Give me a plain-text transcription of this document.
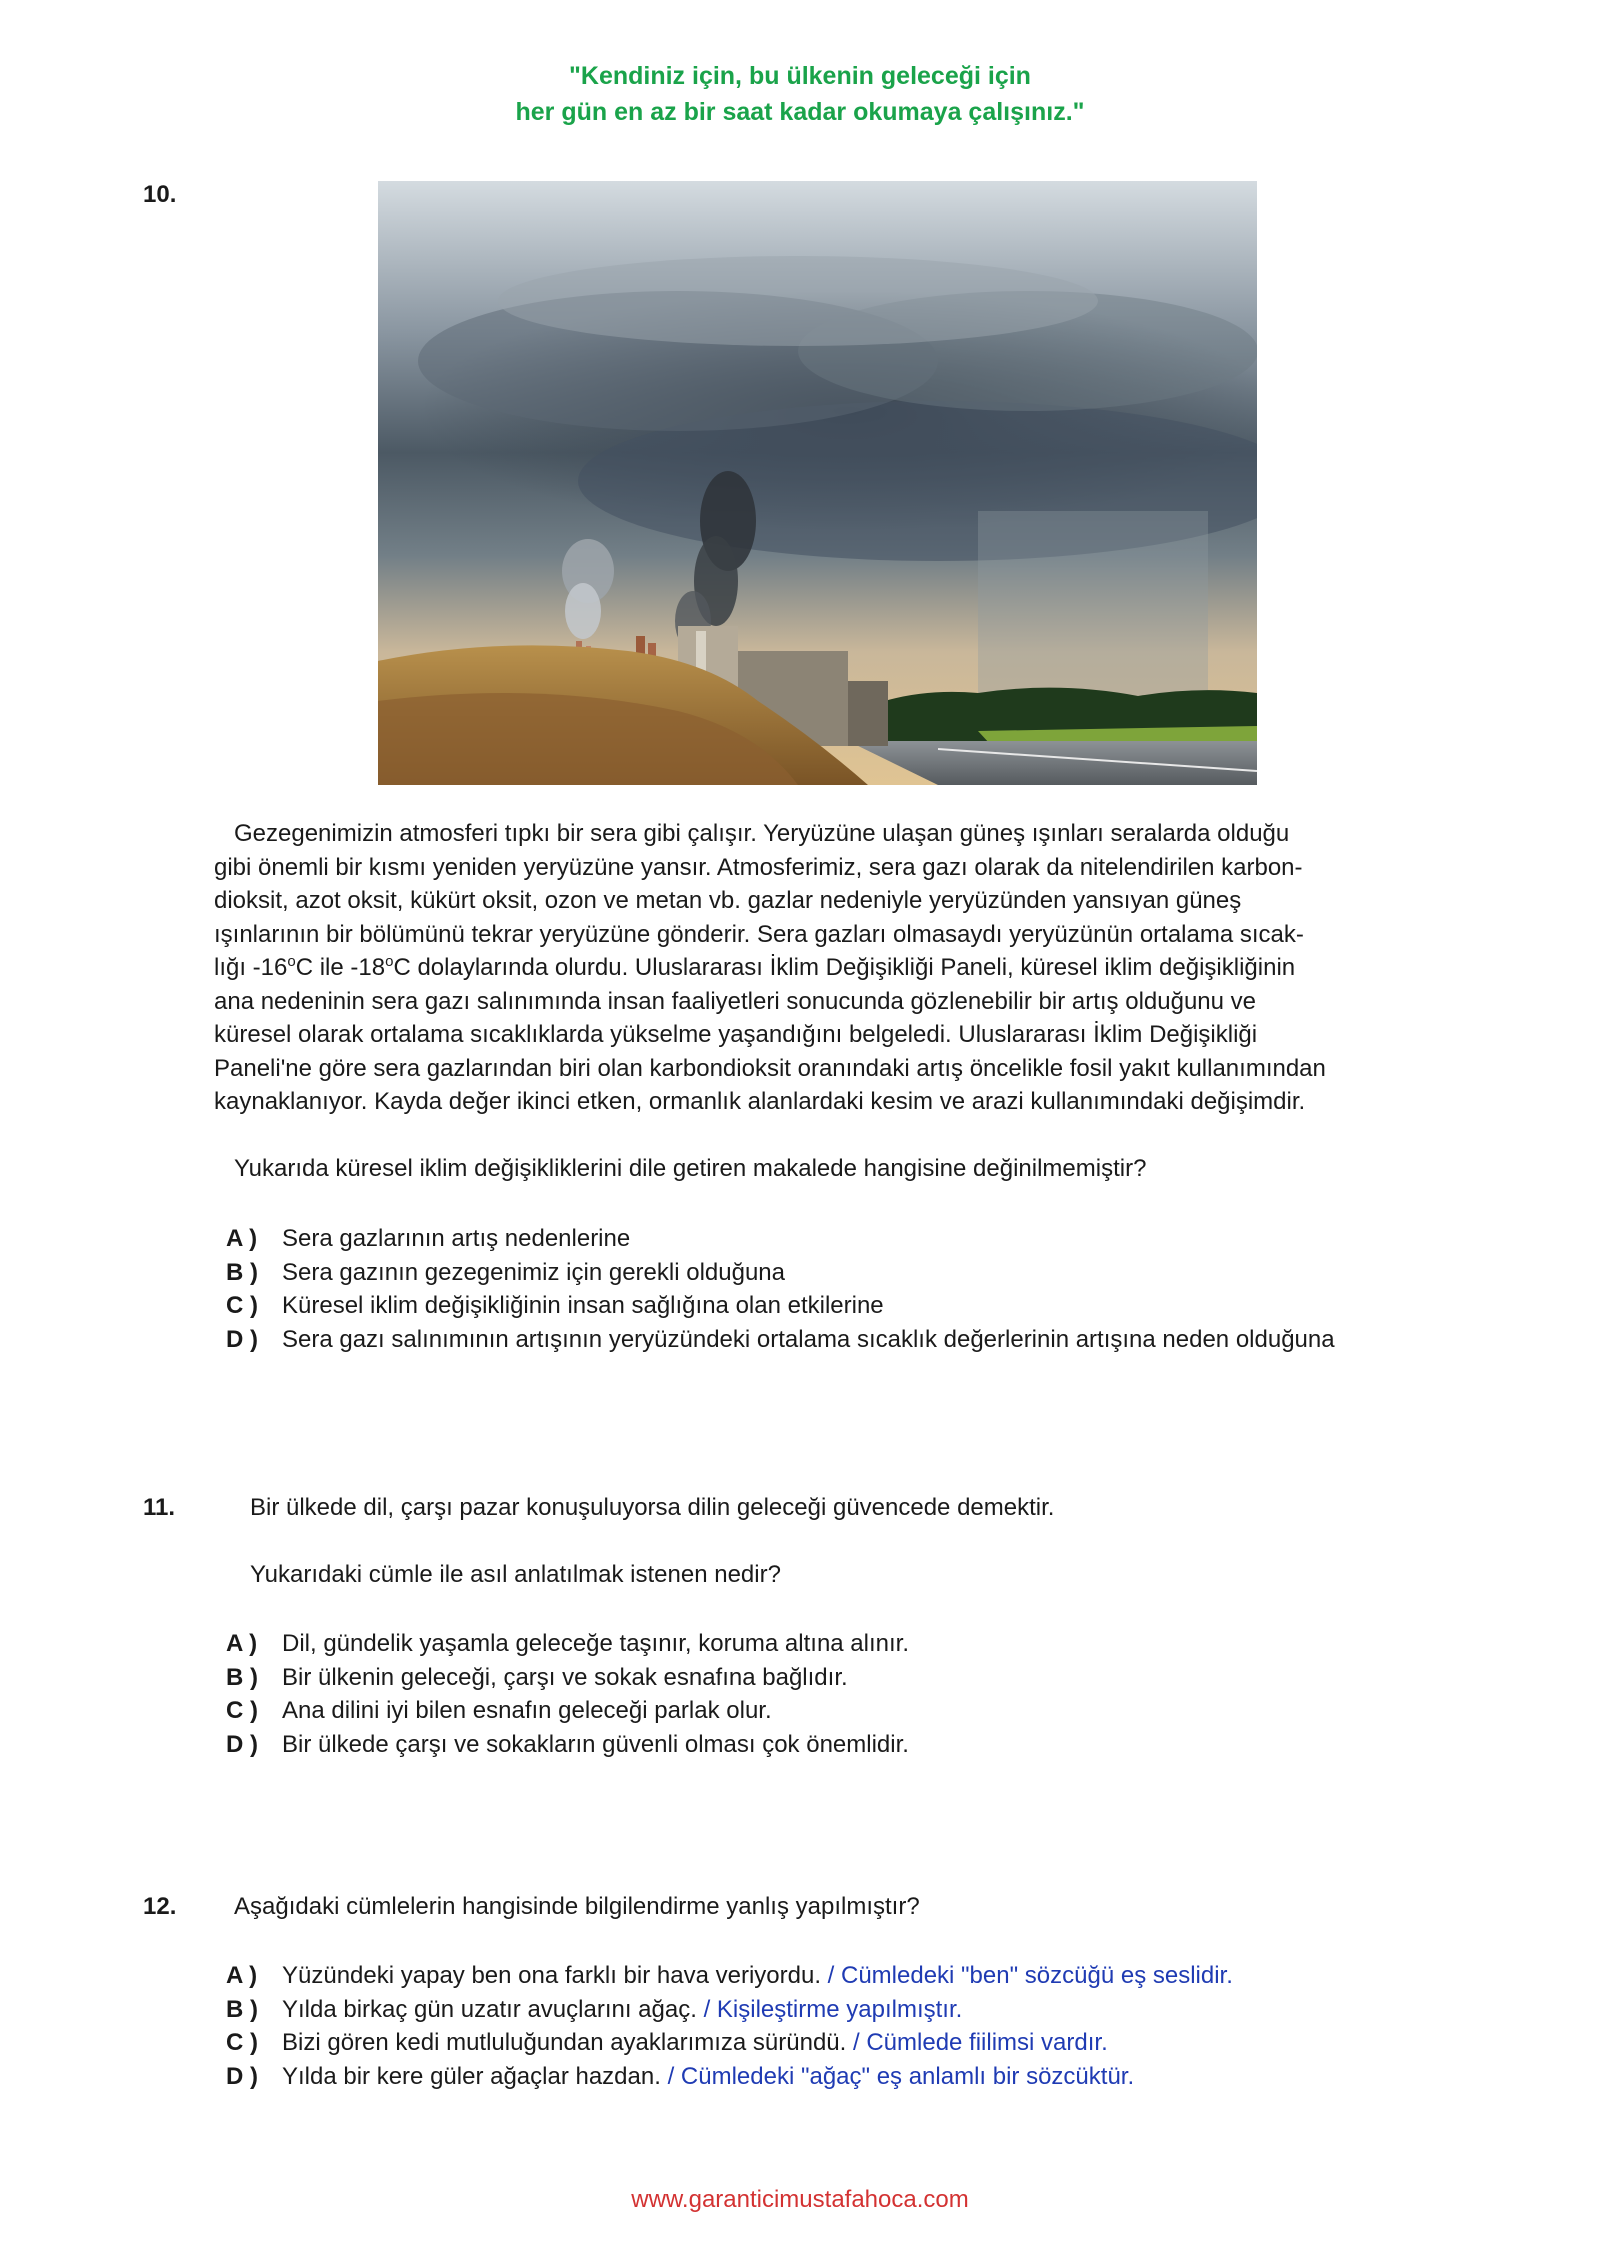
"Kendiniz için, bu ülkenin geleceği için
her gün en az bir saat kadar okumaya çalışınız."
10.
Gezegenimizin atmosferi tıpkı bir sera gibi çalışır. Yeryüzüne ulaşan güneş ışınları seralarda olduğu
gibi önemli bir kısmı yeniden yeryüzüne yansır. Atmosferimiz, sera gazı olarak da nitelendirilen karbon-
dioksit, azot oksit, kükürt oksit, ozon ve metan vb. gazlar nedeniyle yeryüzünden yansıyan güneş
ışınlarının bir bölümünü tekrar yeryüzüne gönderir. Sera gazları olmasaydı yeryüzünün ortalama sıcak-
lığı -16$^o$C ile -18$^o$C dolaylarında olurdu. Uluslararası İklim Değişikliği Paneli, küresel iklim değişikliğinin
ana nedeninin sera gazı salınımında insan faaliyetleri sonucunda gözlenebilir bir artış olduğunu ve
küresel olarak ortalama sıcaklıklarda yükselme yaşandığını belgeledi. Uluslararası İklim Değişikliği
Paneli'ne göre sera gazlarından biri olan karbondioksit oranındaki artış öncelikle fosil yakıt kullanımından
kaynaklanıyor. Kayda değer ikinci etken, ormanlık alanlardaki kesim ve arazi kullanımındaki değişimdir.
Yukarıda küresel iklim değişikliklerini dile getiren makalede hangisine değinilmemiştir?
A ) Sera gazlarının artış nedenlerine
B ) Sera gazının gezegenimiz için gerekli olduğuna
C ) Küresel iklim değişikliğinin insan sağlığına olan etkilerine
D ) Sera gazı salınımının artışının yeryüzündeki ortalama sıcaklık değerlerinin artışına neden olduğuna
11.	Bir ülkede dil, çarşı pazar konuşuluyorsa dilin geleceği güvencede demektir.
Yukarıdaki cümle ile asıl anlatılmak istenen nedir?
A ) Dil, gündelik yaşamla geleceğe taşınır, koruma altına alınır.
B ) Bir ülkenin geleceği, çarşı ve sokak esnafına bağlıdır.
C ) Ana dilini iyi bilen esnafın geleceği parlak olur.
D ) Bir ülkede çarşı ve sokakların güvenli olması çok önemlidir.
12. Aşağıdaki cümlelerin hangisinde bilgilendirme yanlış yapılmıştır?
A ) Yüzündeki yapay ben ona farklı bir hava veriyordu. / Cümledeki "ben" sözcüğü eş seslidir.
B ) Yılda birkaç gün uzatır avuçlarını ağaç. / Kişileştirme yapılmıştır.
C ) Bizi gören kedi mutluluğundan ayaklarımıza süründü. / Cümlede fiilimsi vardır.
D ) Yılda bir kere güler ağaçlar hazdan. / Cümledeki "ağaç" eş anlamlı bir sözcüktür.
www.garanticimustafahoca.com
